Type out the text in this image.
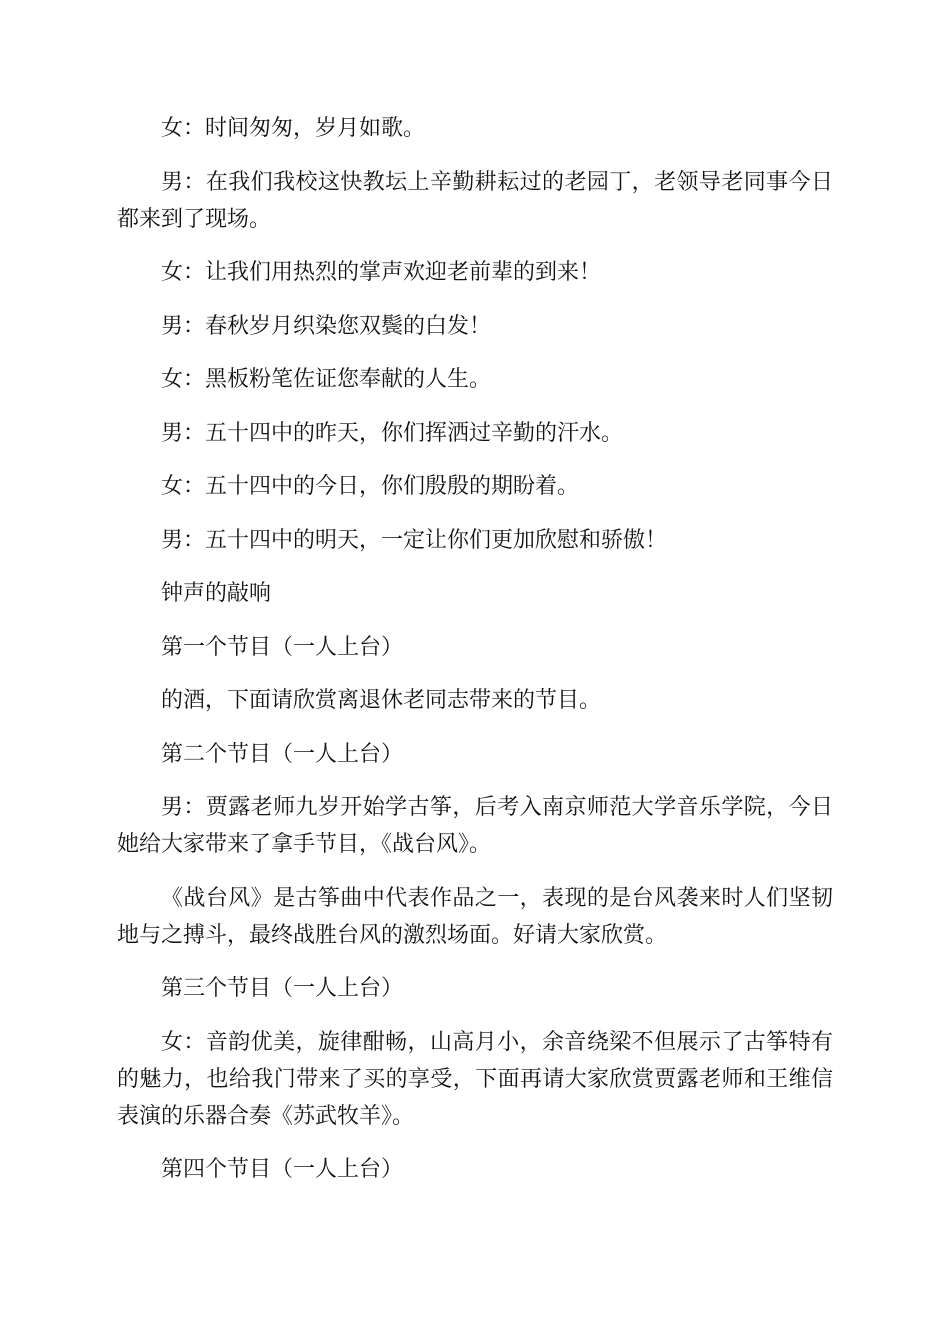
女：时间匆匆，岁月如歌。

男：在我们我校这快教坛上辛勤耕耘过的老园丁，老领导老同事今日都来到了现场。

女：让我们用热烈的掌声欢迎老前辈的到来！

男：春秋岁月织染您双鬓的白发！

女：黑板粉笔佐证您奉献的人生。

男：五十四中的昨天，你们挥洒过辛勤的汗水。

女：五十四中的今日，你们殷殷的期盼着。

男：五十四中的明天，一定让你们更加欣慰和骄傲！

钟声的敲响

第一个节目（一人上台）

的酒，下面请欣赏离退休老同志带来的节目。

第二个节目（一人上台）

男：贾露老师九岁开始学古筝，后考入南京师范大学音乐学院，今日她给大家带来了拿手节目，《战台风》。

《战台风》是古筝曲中代表作品之一，表现的是台风袭来时人们坚韧地与之搏斗，最终战胜台风的激烈场面。好请大家欣赏。

第三个节目（一人上台）

女：音韵优美，旋律酣畅，山高月小，余音绕梁不但展示了古筝特有的魅力，也给我门带来了买的享受，下面再请大家欣赏贾露老师和王维信表演的乐器合奏《苏武牧羊》。

第四个节目（一人上台）
